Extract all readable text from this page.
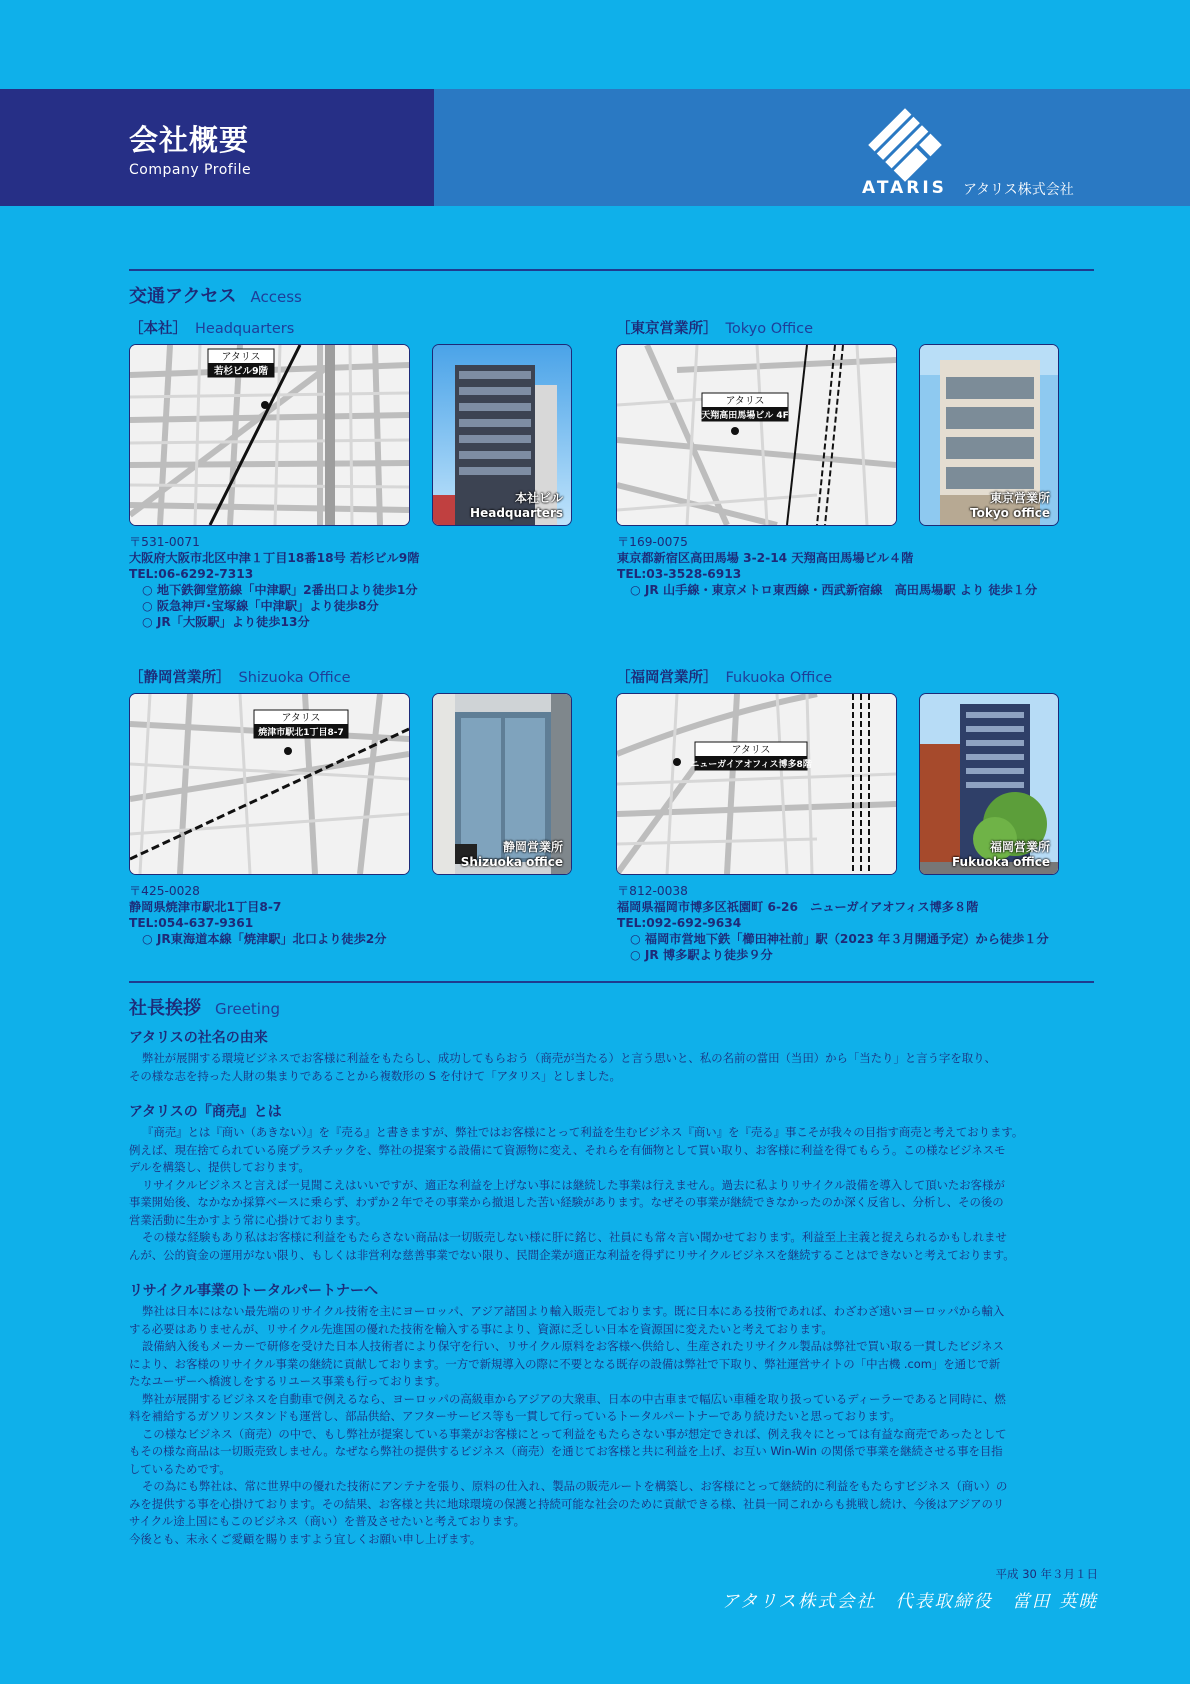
会社概要
Company Profile
ATARIS アタリス株式会社
交通アクセス Access
［本社］ Headquarters
アタリス
若杉ビル9階
本社ビル
Headquarters
〒531-0071
大阪府大阪市北区中津１丁目18番18号 若杉ビル9階
TEL:06-6292-7313
○ 地下鉄御堂筋線「中津駅」2番出口より徒歩1分
○ 阪急神戸･宝塚線「中津駅」より徒歩8分
○ JR「大阪駅」より徒歩13分
［東京営業所］ Tokyo Office
アタリス
天翔高田馬場ビル 4F
東京営業所
Tokyo office
〒169-0075
東京都新宿区高田馬場 3-2-14 天翔高田馬場ビル４階
TEL:03-3528-6913
○ JR 山手線・東京メトロ東西線・西武新宿線　高田馬場駅 より 徒歩１分
［静岡営業所］ Shizuoka Office
アタリス
焼津市駅北1丁目8-7
静岡営業所
Shizuoka office
〒425-0028
静岡県焼津市駅北1丁目8-7
TEL:054-637-9361
○ JR東海道本線「焼津駅」北口より徒歩2分
［福岡営業所］ Fukuoka Office
アタリス
ニューガイアオフィス博多8階
福岡営業所
Fukuoka office
〒812-0038
福岡県福岡市博多区祇園町 6-26　ニューガイアオフィス博多８階
TEL:092-692-9634
○ 福岡市営地下鉄「櫛田神社前」駅（2023 年３月開通予定）から徒歩１分
○ JR 博多駅より徒歩９分
社長挨拶 Greeting
アタリスの社名の由来

弊社が展開する環境ビジネスでお客様に利益をもたらし、成功してもらおう（商売が当たる）と言う思いと、私の名前の當田（当田）から「当たり」と言う字を取り、

その様な志を持った人財の集まりであることから複数形の S を付けて「アタリス」としました。

アタリスの『商売』とは

『商売』とは『商い（あきない）』を『売る』と書きますが、弊社ではお客様にとって利益を生むビジネス『商い』を『売る』事こそが我々の目指す商売と考えております。

例えば、現在捨てられている廃プラスチックを、弊社の提案する設備にて資源物に変え、それらを有価物として買い取り、お客様に利益を得てもらう。この様なビジネスモ

デルを構築し、提供しております。

リサイクルビジネスと言えば一見聞こえはいいですが、適正な利益を上げない事には継続した事業は行えません。過去に私よりリサイクル設備を導入して頂いたお客様が

事業開始後、なかなか採算ベースに乗らず、わずか２年でその事業から撤退した苦い経験があります。なぜその事業が継続できなかったのか深く反省し、分析し、その後の

営業活動に生かすよう常に心掛けております。

その様な経験もあり私はお客様に利益をもたらさない商品は一切販売しない様に肝に銘じ、社員にも常々言い聞かせております。利益至上主義と捉えられるかもしれませ

んが、公的資金の運用がない限り、もしくは非営利な慈善事業でない限り、民間企業が適正な利益を得ずにリサイクルビジネスを継続することはできないと考えております。

リサイクル事業のトータルパートナーへ

弊社は日本にはない最先端のリサイクル技術を主にヨーロッパ、アジア諸国より輸入販売しております。既に日本にある技術であれば、わざわざ遠いヨーロッパから輸入

する必要はありませんが、リサイクル先進国の優れた技術を輸入する事により、資源に乏しい日本を資源国に変えたいと考えております。

設備納入後もメーカーで研修を受けた日本人技術者により保守を行い、リサイクル原料をお客様へ供給し、生産されたリサイクル製品は弊社で買い取る一貫したビジネス

により、お客様のリサイクル事業の継続に貢献しております。一方で新規導入の際に不要となる既存の設備は弊社で下取り、弊社運営サイトの「中古機 .com」を通じで新

たなユーザーへ橋渡しをするリユース事業も行っております。

弊社が展開するビジネスを自動車で例えるなら、ヨーロッパの高級車からアジアの大衆車、日本の中古車まで幅広い車種を取り扱っているディーラーであると同時に、燃

料を補給するガソリンスタンドも運営し、部品供給、アフターサービス等も一貫して行っているトータルパートナーであり続けたいと思っております。

この様なビジネス（商売）の中で、もし弊社が提案している事業がお客様にとって利益をもたらさない事が想定できれば、例え我々にとっては有益な商売であったとして

もその様な商品は一切販売致しません。なぜなら弊社の提供するビジネス（商売）を通じてお客様と共に利益を上げ、お互い Win-Win の関係で事業を継続させる事を目指

しているためです。

その為にも弊社は、常に世界中の優れた技術にアンテナを張り、原料の仕入れ、製品の販売ルートを構築し、お客様にとって継続的に利益をもたらすビジネス（商い）の

みを提供する事を心掛けております。その結果、お客様と共に地球環境の保護と持続可能な社会のために貢献できる様、社員一同これからも挑戦し続け、今後はアジアのリ

サイクル途上国にもこのビジネス（商い）を普及させたいと考えております。

今後とも、末永くご愛顧を賜りますよう宜しくお願い申し上げます。

平成 30 年３月１日
アタリス株式会社　代表取締役　當田 英暁
